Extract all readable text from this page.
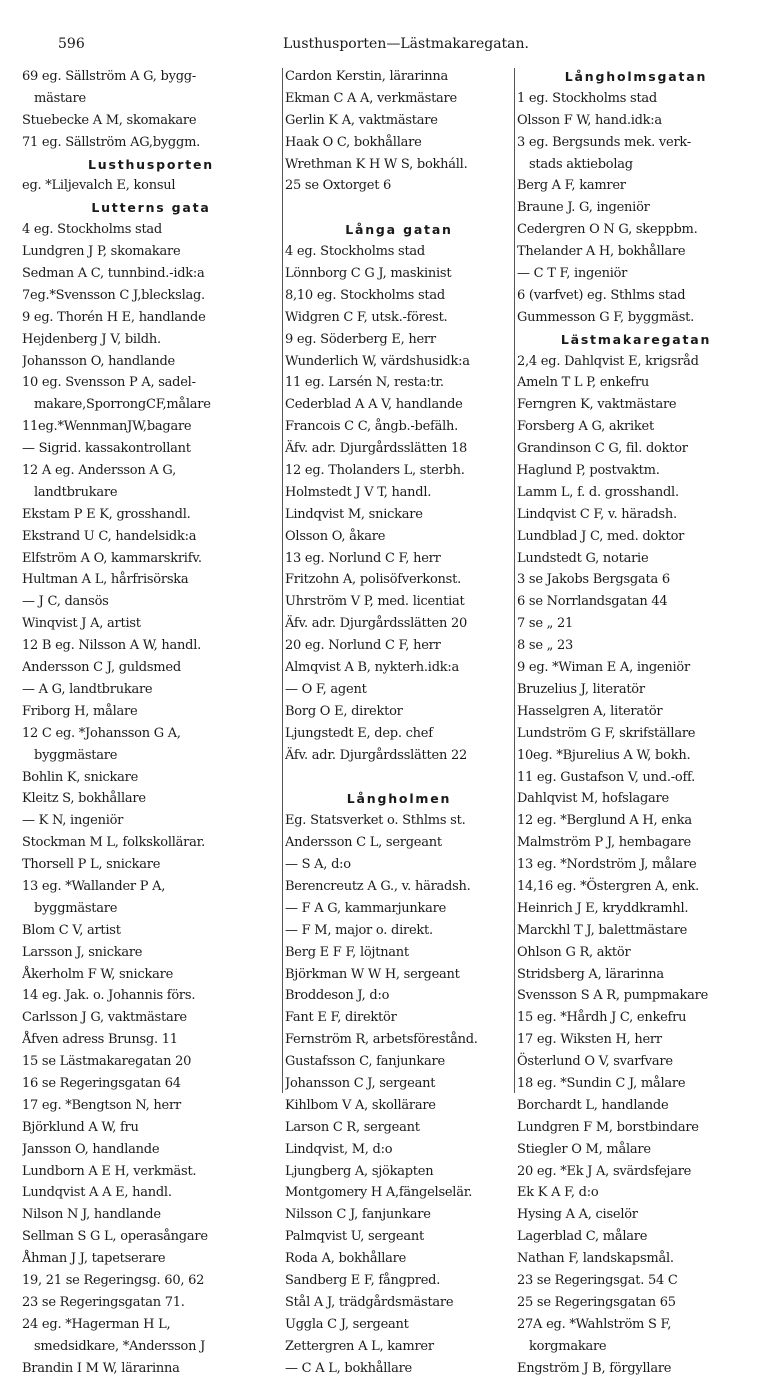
596	Lusthusporten—Lästmakaregatan.
69 eg. Sällström A G, bygg-
mästare
Stuebecke A M, skomakare
71 eg. Sällström AG,byggm.
Lusthusporten
eg. *Liljevalch E, konsul
Lutterns gata
4 eg. Stockholms stad
Lundgren J P, skomakare
Sedman A C, tunnbind.-idk:a
7eg.*Svensson C J,bleckslag.
9 eg. Thorén H E, handlande
Hejdenberg J V, bildh.
Johansson O, handlande
10 eg. Svensson P A, sadel-
makare,SporrongCF,målare
11eg.*WennmanJW,bagare
— Sigrid. kassakontrollant
12 A eg. Andersson A G,
landtbrukare
Ekstam P E K, grosshandl.
Ekstrand U C, handelsidk:a
Elfström A O, kammarskrifv.
Hultman A L, hårfrisörska
— J C, dansös
Winqvist J A, artist
12 B eg. Nilsson A W, handl.
Andersson C J, guldsmed
— A G, landtbrukare
Friborg H, målare
12 C eg. *Johansson G A,
byggmästare
Bohlin K, snickare
Kleitz S, bokhållare
— K N, ingeniör
Stockman M L, folkskollärar.
Thorsell P L, snickare
13 eg. *Wallander P A,
byggmästare
Blom C V, artist
Larsson J, snickare
Åkerholm F W, snickare
14 eg. Jak. o. Johannis förs.
Carlsson J G, vaktmästare
Åfven adress Brunsg. 11
15 se Lästmakaregatan 20
16 se Regeringsgatan 64
17 eg. *Bengtson N, herr
Björklund A W, fru
Jansson O, handlande
Lundborn A E H, verkmäst.
Lundqvist A A E, handl.
Nilson N J, handlande
Sellman S G L, operasångare
Åhman J J, tapetserare
19, 21 se Regeringsg. 60, 62
23 se Regeringsgatan 71.
24 eg. *Hagerman H L,
smedsidkare, *Andersson J
Brandin I M W, lärarinna
Cardon Kerstin, lärarinna
Ekman C A A, verkmästare
Gerlin K A, vaktmästare
Haak O C, bokhållare
Wrethman K H W S, bokháll.
25 se Oxtorget 6
Långa gatan
4 eg. Stockholms stad
Lönnborg C G J, maskinist
8,10 eg. Stockholms stad
Widgren C F, utsk.-förest.
9 eg. Söderberg E, herr
Wunderlich W, värdshusidk:a
11 eg. Larsén N, resta:tr.
Cederblad A A V, handlande
Francois C C, ångb.-befälh.
Äfv. adr. Djurgårdsslätten 18
12 eg. Tholanders L, sterbh.
Holmstedt J V T, handl.
Lindqvist M, snickare
Olsson O, åkare
13 eg. Norlund C F, herr
Fritzohn A, polisöfverkonst.
Uhrström V P, med. licentiat
Äfv. adr. Djurgårdsslätten 20
20 eg. Norlund C F, herr
Almqvist A B, nykterh.idk:a
— O F, agent
Borg O E, direktor
Ljungstedt E, dep. chef
Äfv. adr. Djurgårdsslätten 22
Långholmen
Eg. Statsverket o. Sthlms st.
Andersson C L, sergeant
— S A, d:o
Berencreutz A G., v. häradsh.
— F A G, kammarjunkare
— F M, major o. direkt.
Berg E F F, löjtnant
Björkman W W H, sergeant
Broddeson J, d:o
Fant E F, direktör
Fernström R, arbetsförestånd.
Gustafsson C, fanjunkare
Johansson C J, sergeant
Kihlbom V A, skollärare
Larson C R, sergeant
Lindqvist, M, d:o
Ljungberg A, sjökapten
Montgomery H A,fängelselär.
Nilsson C J, fanjunkare
Palmqvist U, sergeant
Roda A, bokhållare
Sandberg E F, fångpred.
Stål A J, trädgårdsmästare
Uggla C J, sergeant
Zettergren A L, kamrer
— C A L, bokhållare
Långholmsgatan
1 eg. Stockholms stad
Olsson F W, hand.idk:a
3 eg. Bergsunds mek. verk-
stads aktiebolag
Berg A F, kamrer
Braune J. G, ingeniör
Cedergren O N G, skeppbm.
Thelander A H, bokhållare
— C T F, ingeniör
6 (varfvet) eg. Sthlms stad
Gummesson G F, byggmäst.
Lästmakaregatan
2,4 eg. Dahlqvist E, krigsråd
Ameln T L P, enkefru
Ferngren K, vaktmästare
Forsberg A G, akriket
Grandinson C G, fil. doktor
Haglund P, postvaktm.
Lamm L, f. d. grosshandl.
Lindqvist C F, v. häradsh.
Lundblad J C, med. doktor
Lundstedt G, notarie
3 se Jakobs Bergsgata 6
6 se Norrlandsgatan 44
7 se „ 21
8 se „ 23
9 eg. *Wiman E A, ingeniör
Bruzelius J, literatör
Hasselgren A, literatör
Lundström G F, skrifställare
10eg. *Bjurelius A W, bokh.
11 eg. Gustafson V, und.-off.
Dahlqvist M, hofslagare
12 eg. *Berglund A H, enka
Malmström P J, hembagare
13 eg. *Nordström J, målare
14,16 eg. *Östergren A, enk.
Heinrich J E, kryddkramhl.
Marckhl T J, balettmästare
Ohlson G R, aktör
Stridsberg A, lärarinna
Svensson S A R, pumpmakare
15 eg. *Hårdh J C, enkefru
17 eg. Wiksten H, herr
Österlund O V, svarfvare
18 eg. *Sundin C J, målare
Borchardt L, handlande
Lundgren F M, borstbindare
Stiegler O M, målare
20 eg. *Ek J A, svärdsfejare
Ek K A F, d:o
Hysing A A, ciselör
Lagerblad C, målare
Nathan F, landskapsmål.
23 se Regeringsgat. 54 C
25 se Regeringsgatan 65
27A eg. *Wahlström S F,
korgmakare
Engström J B, förgyllare
